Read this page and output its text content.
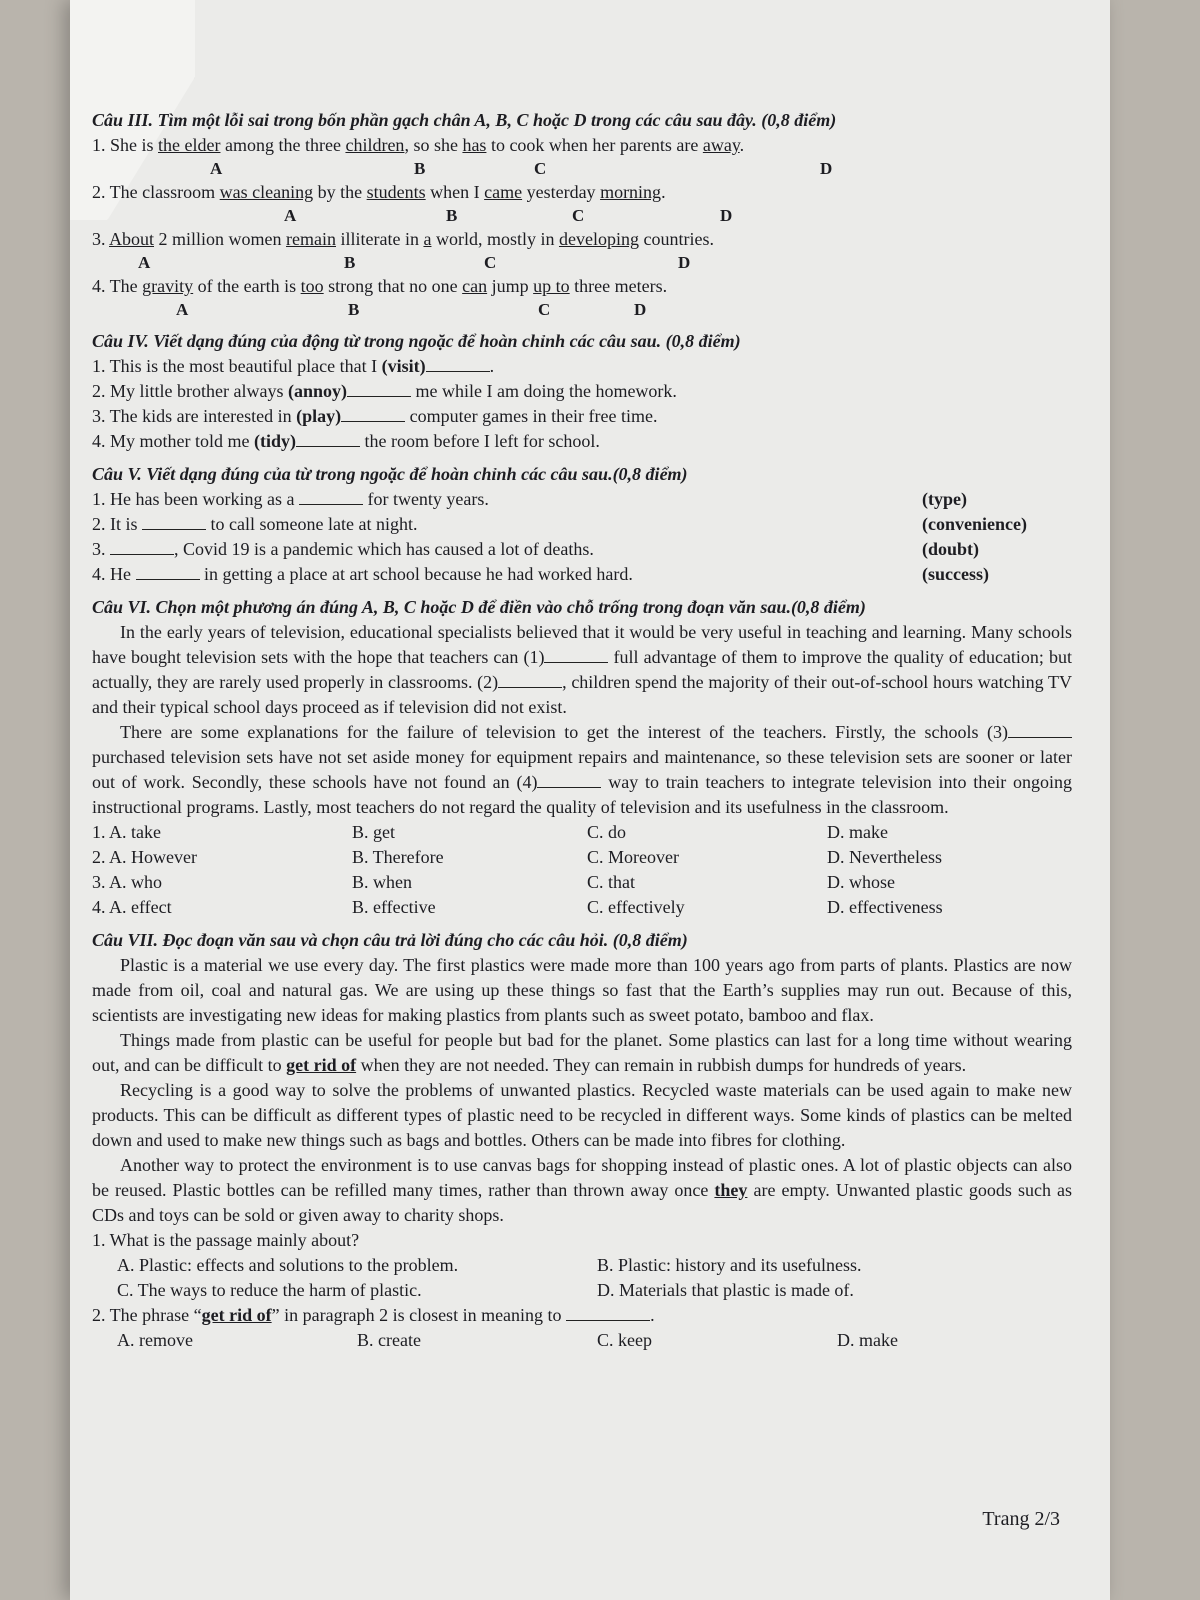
Câu III. Tìm một lỗi sai trong bốn phần gạch chân A, B, C hoặc D trong các câu sau đây. (0,8 điểm)
1. She is the elder among the three children, so she has to cook when her parents are away.
A	B	C	D
2. The classroom was cleaning by the students when I came yesterday morning.
A	B	C	D
3. About 2 million women remain illiterate in a world, mostly in developing countries.
A	B	C	D
4. The gravity of the earth is too strong that no one can jump up to three meters.
A	B	C	D
Câu IV. Viết dạng đúng của động từ trong ngoặc để hoàn chỉnh các câu sau. (0,8 điểm)
1. This is the most beautiful place that I (visit)	.
2. My little brother always (annoy)	me while I am doing the homework.
3. The kids are interested in (play)	computer games in their free time.
4. My mother told me (tidy)	the room before I left for school.
Câu V. Viết dạng đúng của từ trong ngoặc để hoàn chỉnh các câu sau.(0,8 điểm)
1. He has been working as a	for twenty years.	(type)
2. It is	to call someone late at night.	(convenience)
3.	, Covid 19 is a pandemic which has caused a lot of deaths.	(doubt)
4. He	in getting a place at art school because he had worked hard.	(success)
Câu VI. Chọn một phương án đúng A, B, C hoặc D để điền vào chỗ trống trong đoạn văn sau.(0,8 điểm)

In the early years of television, educational specialists believed that it would be very useful in teaching and learning. Many schools have bought television sets with the hope that teachers can (1)	full advantage of them to improve the quality of education; but actually, they are rarely used properly in classrooms. (2)	, children spend the majority of their out-of-school hours watching TV and their typical school days proceed as if television did not exist.

There are some explanations for the failure of television to get the interest of the teachers. Firstly, the schools (3) purchased television sets have not set aside money for equipment repairs and maintenance, so these television sets are sooner or later out of work. Secondly, these schools have not found an (4)	way to train teachers to integrate television into their ongoing instructional programs. Lastly, most teachers do not regard the quality of television and its usefulness in the classroom.

1. A. take	B. get	C. do	D. make
2. A. However	B. Therefore	C. Moreover	D. Nevertheless
3. A. who	B. when	C. that	D. whose
4. A. effect	B. effective	C. effectively	D. effectiveness
Câu VII. Đọc đoạn văn sau và chọn câu trả lời đúng cho các câu hỏi. (0,8 điểm)

Plastic is a material we use every day. The first plastics were made more than 100 years ago from parts of plants. Plastics are now made from oil, coal and natural gas. We are using up these things so fast that the Earth’s supplies may run out. Because of this, scientists are investigating new ideas for making plastics from plants such as sweet potato, bamboo and flax.

Things made from plastic can be useful for people but bad for the planet. Some plastics can last for a long time without wearing out, and can be difficult to get rid of when they are not needed. They can remain in rubbish dumps for hundreds of years.

Recycling is a good way to solve the problems of unwanted plastics. Recycled waste materials can be used again to make new products. This can be difficult as different types of plastic need to be recycled in different ways. Some kinds of plastics can be melted down and used to make new things such as bags and bottles. Others can be made into fibres for clothing.

Another way to protect the environment is to use canvas bags for shopping instead of plastic ones. A lot of plastic objects can also be reused. Plastic bottles can be refilled many times, rather than thrown away once they are empty. Unwanted plastic goods such as CDs and toys can be sold or given away to charity shops.

1. What is the passage mainly about?
A. Plastic: effects and solutions to the problem.	B. Plastic: history and its usefulness.
C. The ways to reduce the harm of plastic.	D. Materials that plastic is made of.
2. The phrase “get rid of” in paragraph 2 is closest in meaning to	.
A. remove	B. create	C. keep	D. make
Trang 2/3
